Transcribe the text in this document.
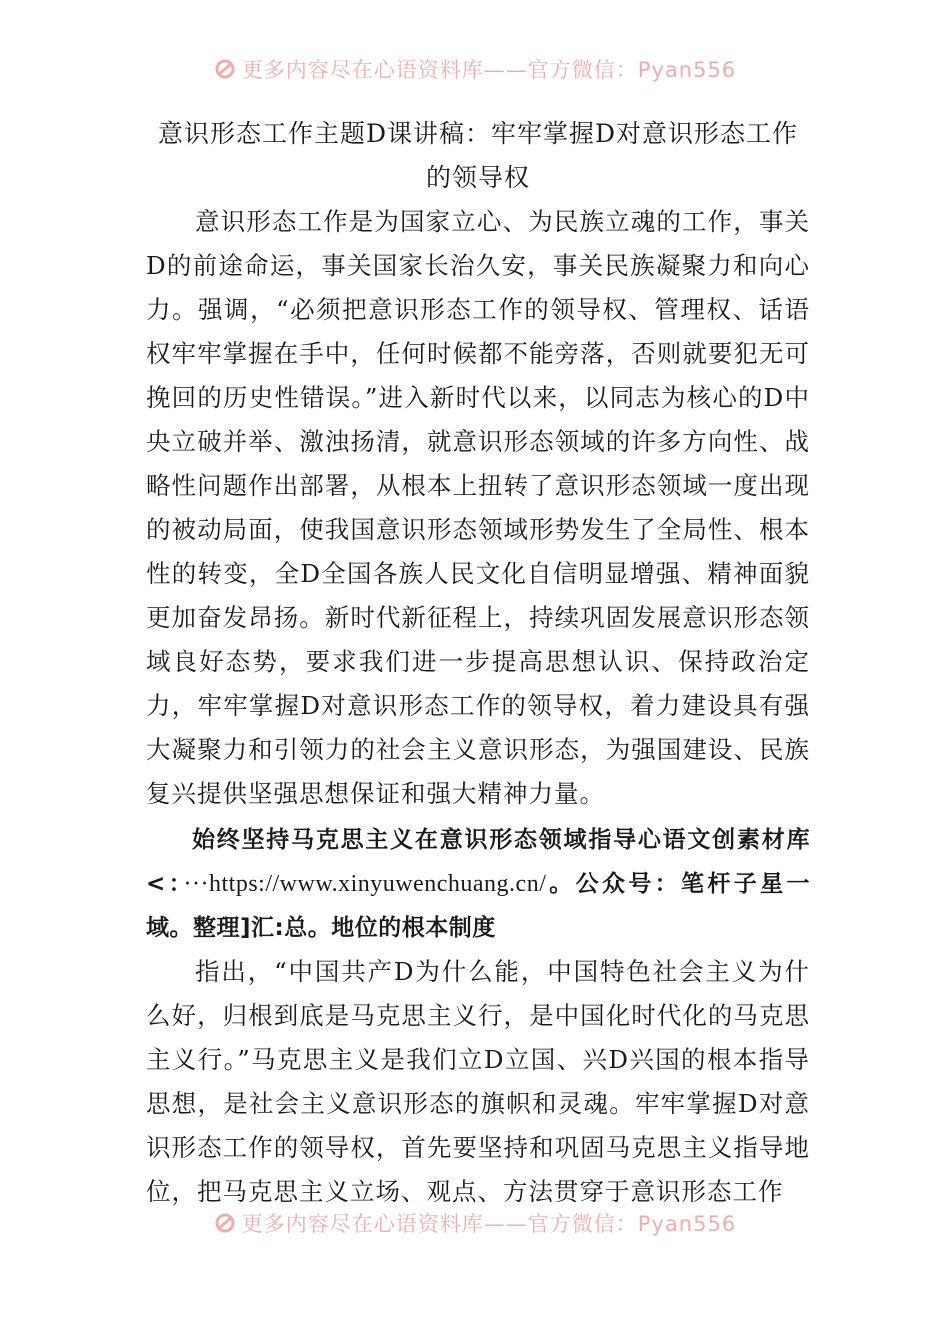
更多内容尽在心语资料库——官方微信：Pyan556
意识形态工作主题D课讲稿：牢牢掌握D对意识形态工作的领导权

意识形态工作是为国家立心、为民族立魂的工作，事关D的前途命运，事关国家长治久安，事关民族凝聚力和向心力。强调，“必须把意识形态工作的领导权、管理权、话语权牢牢掌握在手中，任何时候都不能旁落，否则就要犯无可挽回的历史性错误。”进入新时代以来，以同志为核心的D中央立破并举、激浊扬清，就意识形态领域的许多方向性、战略性问题作出部署，从根本上扭转了意识形态领域一度出现的被动局面，使我国意识形态领域形势发生了全局性、根本性的转变，全D全国各族人民文化自信明显增强、精神面貌更加奋发昂扬。新时代新征程上，持续巩固发展意识形态领域良好态势，要求我们进一步提高思想认识、保持政治定力，牢牢掌握D对意识形态工作的领导权，着力建设具有强大凝聚力和引领力的社会主义意识形态，为强国建设、民族复兴提供坚强思想保证和强大精神力量。

始终坚持马克思主义在意识形态领域指导心语文创素材库<：···https://www.xinyuwenchuang.cn/。公众号：笔杆子星一域。整理]汇:总。地位的根本制度

指出，“中国共产D为什么能，中国特色社会主义为什么好，归根到底是马克思主义行，是中国化时代化的马克思主义行。”马克思主义是我们立D立国、兴D兴国的根本指导思想，是社会主义意识形态的旗帜和灵魂。牢牢掌握D对意识形态工作的领导权，首先要坚持和巩固马克思主义指导地位，把马克思主义立场、观点、方法贯穿于意识形态工作

更多内容尽在心语资料库——官方微信：Pyan556
